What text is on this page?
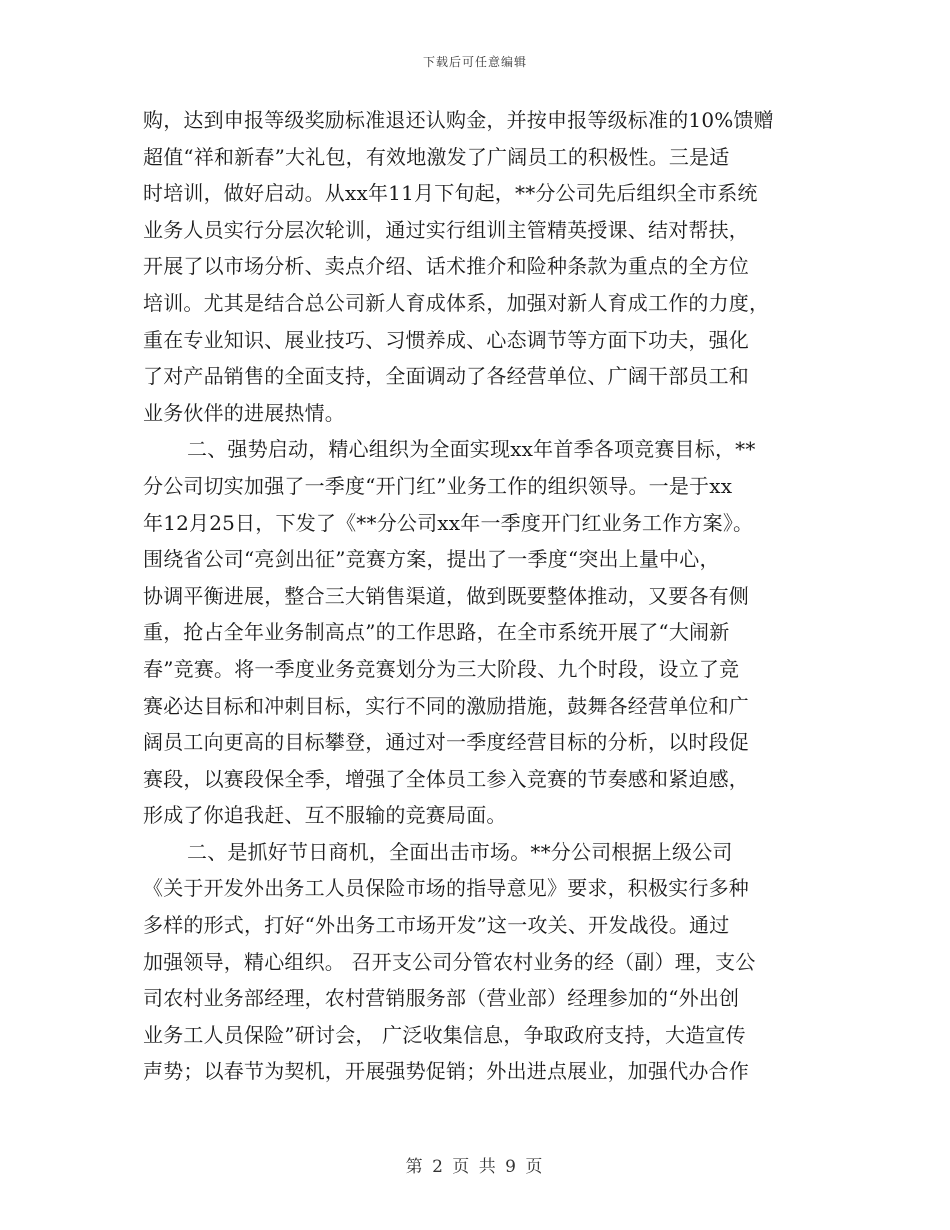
下载后可任意编辑
购，达到申报等级奖励标准退还认购金，并按申报等级标准的10%馈赠
超值“祥和新春”大礼包，有效地激发了广阔员工的积极性。三是适
时培训，做好启动。从xx年11月下旬起，**分公司先后组织全市系统
业务人员实行分层次轮训，通过实行组训主管精英授课、结对帮扶，
开展了以市场分析、卖点介绍、话术推介和险种条款为重点的全方位
培训。尤其是结合总公司新人育成体系，加强对新人育成工作的力度，
重在专业知识、展业技巧、习惯养成、心态调节等方面下功夫，强化
了对产品销售的全面支持，全面调动了各经营单位、广阔干部员工和
业务伙伴的进展热情。
二、强势启动，精心组织为全面实现xx年首季各项竞赛目标，**
分公司切实加强了一季度“开门红”业务工作的组织领导。一是于xx
年12月25日，下发了《**分公司xx年一季度开门红业务工作方案》。
围绕省公司“亮剑出征”竞赛方案，提出了一季度“突出上量中心，
协调平衡进展，整合三大销售渠道，做到既要整体推动，又要各有侧
重，抢占全年业务制高点”的工作思路，在全市系统开展了“大闹新
春”竞赛。将一季度业务竞赛划分为三大阶段、九个时段，设立了竞
赛必达目标和冲刺目标，实行不同的激励措施，鼓舞各经营单位和广
阔员工向更高的目标攀登，通过对一季度经营目标的分析，以时段促
赛段，以赛段保全季，增强了全体员工参入竞赛的节奏感和紧迫感，
形成了你追我赶、互不服输的竞赛局面。
二、是抓好节日商机，全面出击市场。**分公司根据上级公司
《关于开发外出务工人员保险市场的指导意见》要求，积极实行多种
多样的形式，打好“外出务工市场开发”这一攻关、开发战役。通过
加强领导，精心组织。 召开支公司分管农村业务的经（副）理，支公
司农村业务部经理，农村营销服务部（营业部）经理参加的“外出创
业务工人员保险”研讨会， 广泛收集信息，争取政府支持，大造宣传
声势；以春节为契机，开展强势促销；外出进点展业，加强代办合作
第 2 页 共 9 页
